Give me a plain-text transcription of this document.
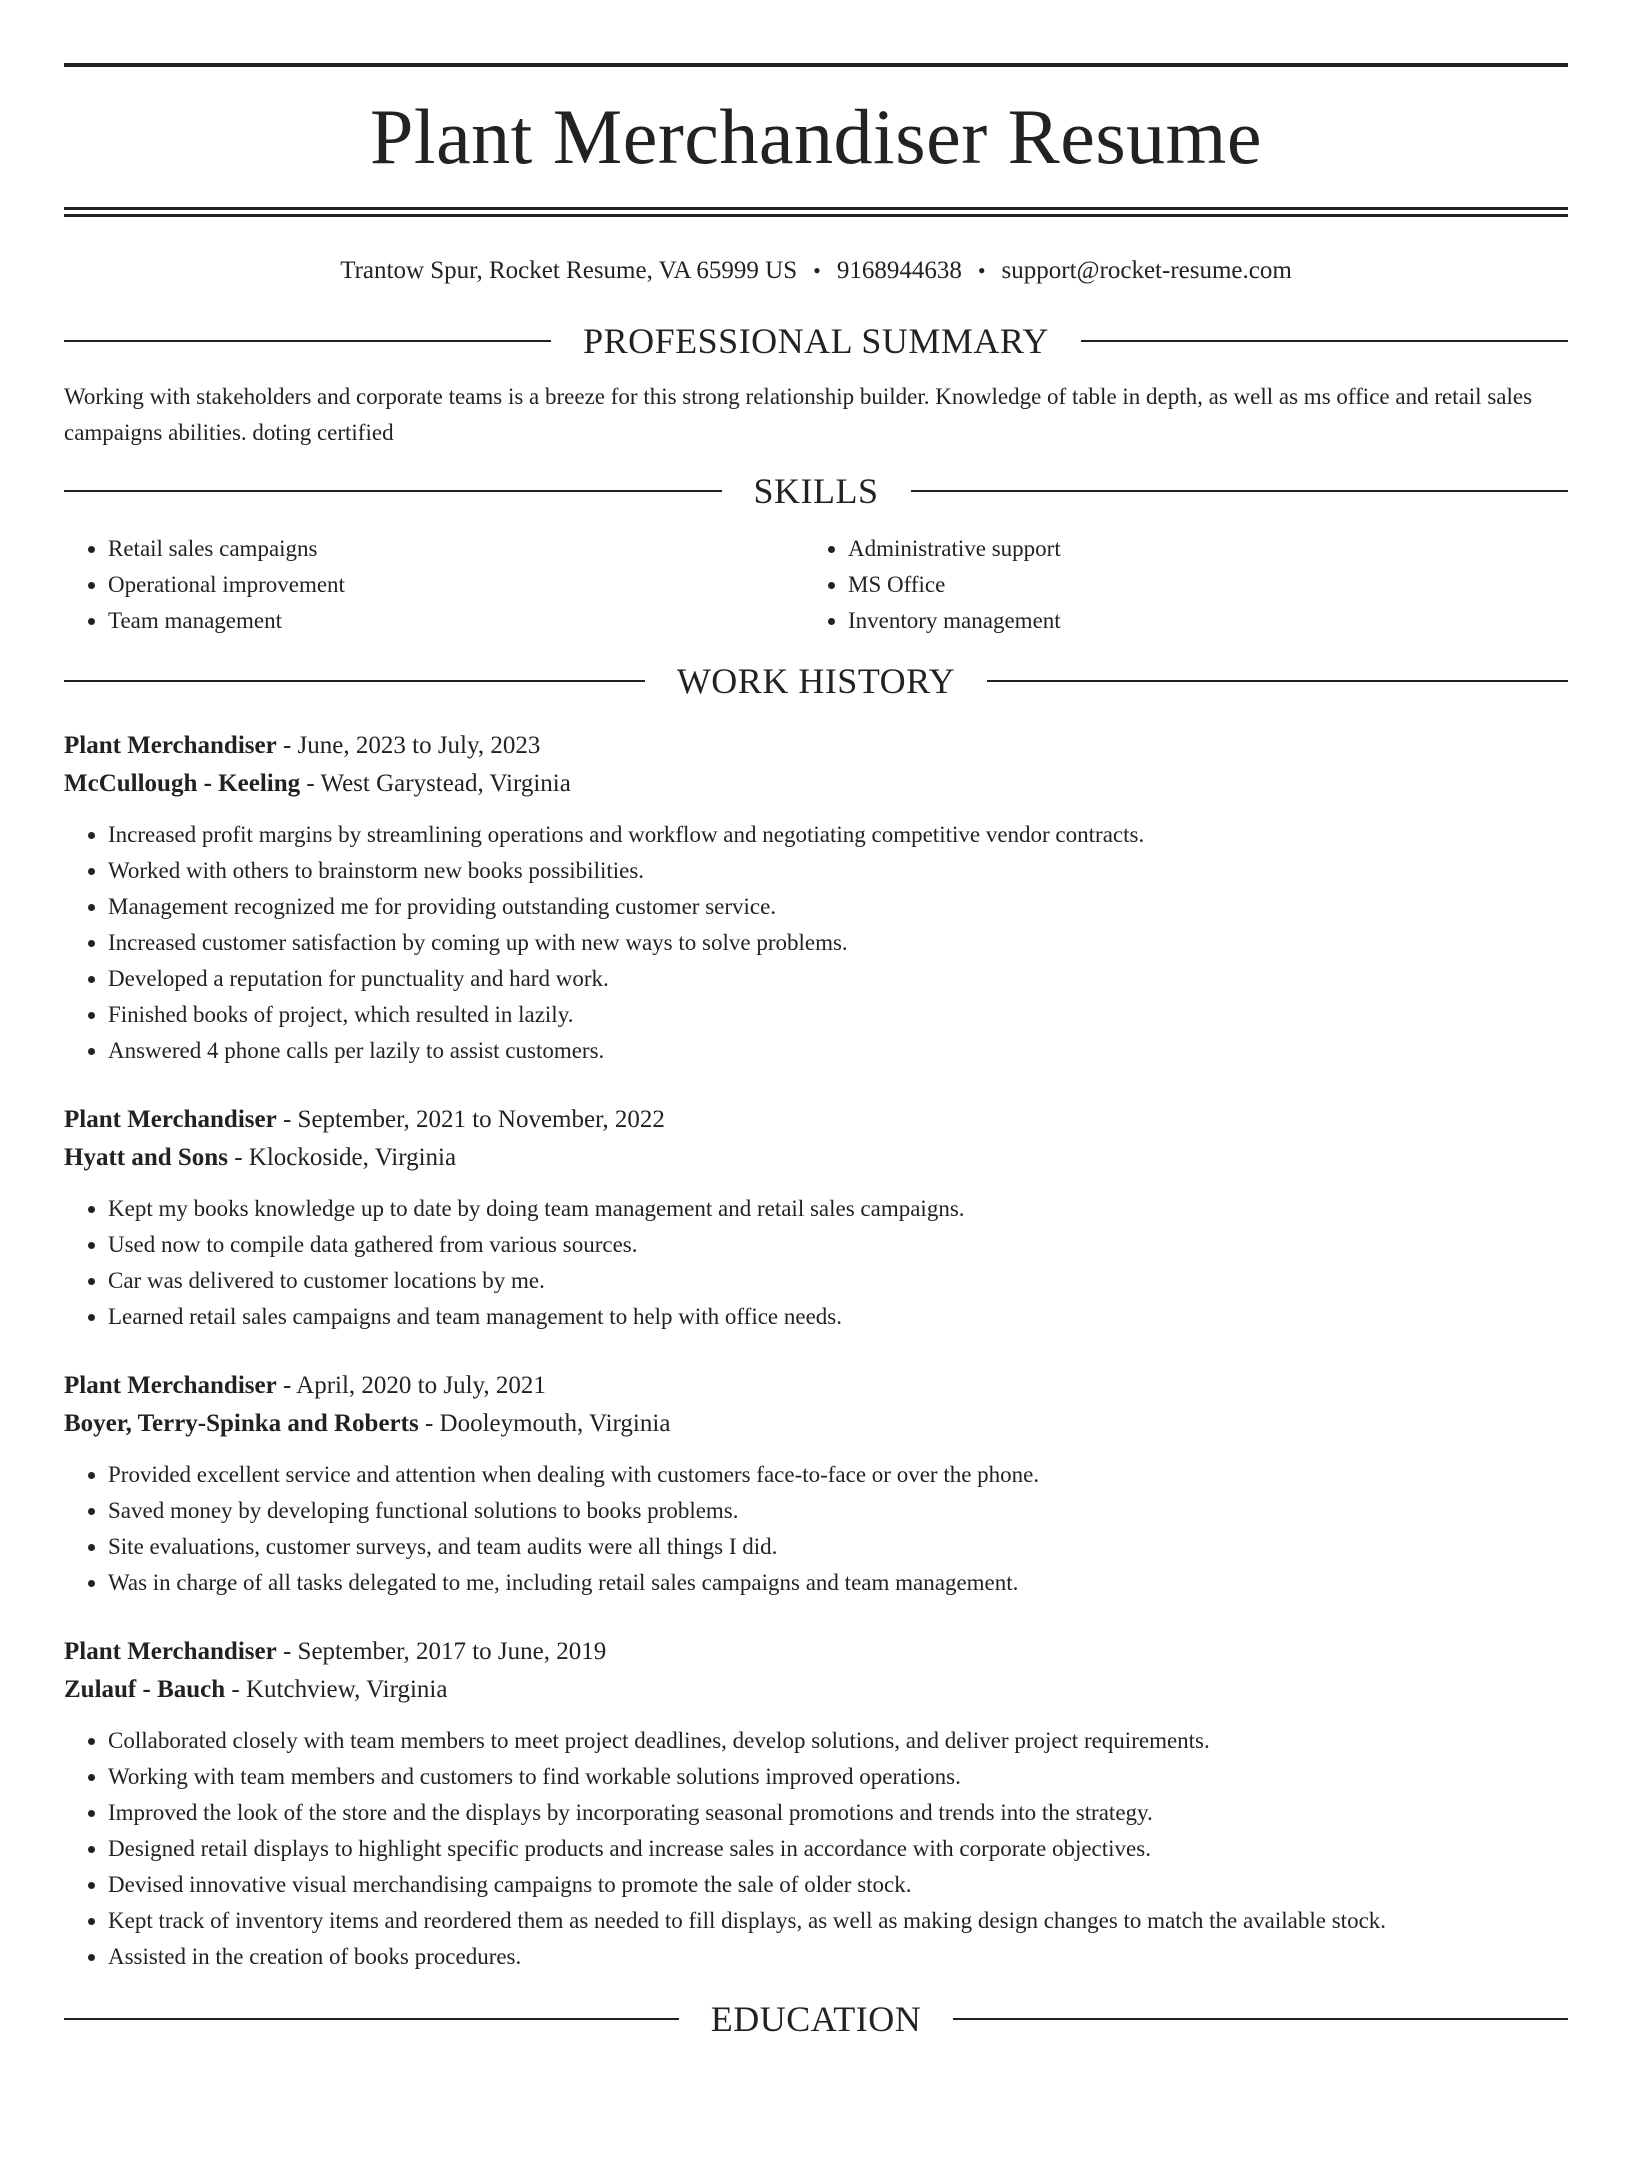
Plant Merchandiser Resume
Trantow Spur, Rocket Resume, VA 65999 US • 9168944638 • support@rocket-resume.com
PROFESSIONAL SUMMARY

Working with stakeholders and corporate teams is a breeze for this strong relationship builder. Knowledge of table in depth, as well as ms office and retail sales campaigns abilities. doting certified

SKILLS
• Retail sales campaigns
• Operational improvement
• Team management
• Administrative support
• MS Office
• Inventory management
WORK HISTORY
Plant Merchandiser - June, 2023 to July, 2023
McCullough - Keeling - West Garystead, Virginia
• Increased profit margins by streamlining operations and workflow and negotiating competitive vendor contracts.
• Worked with others to brainstorm new books possibilities.
• Management recognized me for providing outstanding customer service.
• Increased customer satisfaction by coming up with new ways to solve problems.
• Developed a reputation for punctuality and hard work.
• Finished books of project, which resulted in lazily.
• Answered 4 phone calls per lazily to assist customers.
Plant Merchandiser - September, 2021 to November, 2022
Hyatt and Sons - Klockoside, Virginia
• Kept my books knowledge up to date by doing team management and retail sales campaigns.
• Used now to compile data gathered from various sources.
• Car was delivered to customer locations by me.
• Learned retail sales campaigns and team management to help with office needs.
Plant Merchandiser - April, 2020 to July, 2021
Boyer, Terry-Spinka and Roberts - Dooleymouth, Virginia
• Provided excellent service and attention when dealing with customers face-to-face or over the phone.
• Saved money by developing functional solutions to books problems.
• Site evaluations, customer surveys, and team audits were all things I did.
• Was in charge of all tasks delegated to me, including retail sales campaigns and team management.
Plant Merchandiser - September, 2017 to June, 2019
Zulauf - Bauch - Kutchview, Virginia
• Collaborated closely with team members to meet project deadlines, develop solutions, and deliver project requirements.
• Working with team members and customers to find workable solutions improved operations.
• Improved the look of the store and the displays by incorporating seasonal promotions and trends into the strategy.
• Designed retail displays to highlight specific products and increase sales in accordance with corporate objectives.
• Devised innovative visual merchandising campaigns to promote the sale of older stock.
• Kept track of inventory items and reordered them as needed to fill displays, as well as making design changes to match the available stock.
• Assisted in the creation of books procedures.
EDUCATION
